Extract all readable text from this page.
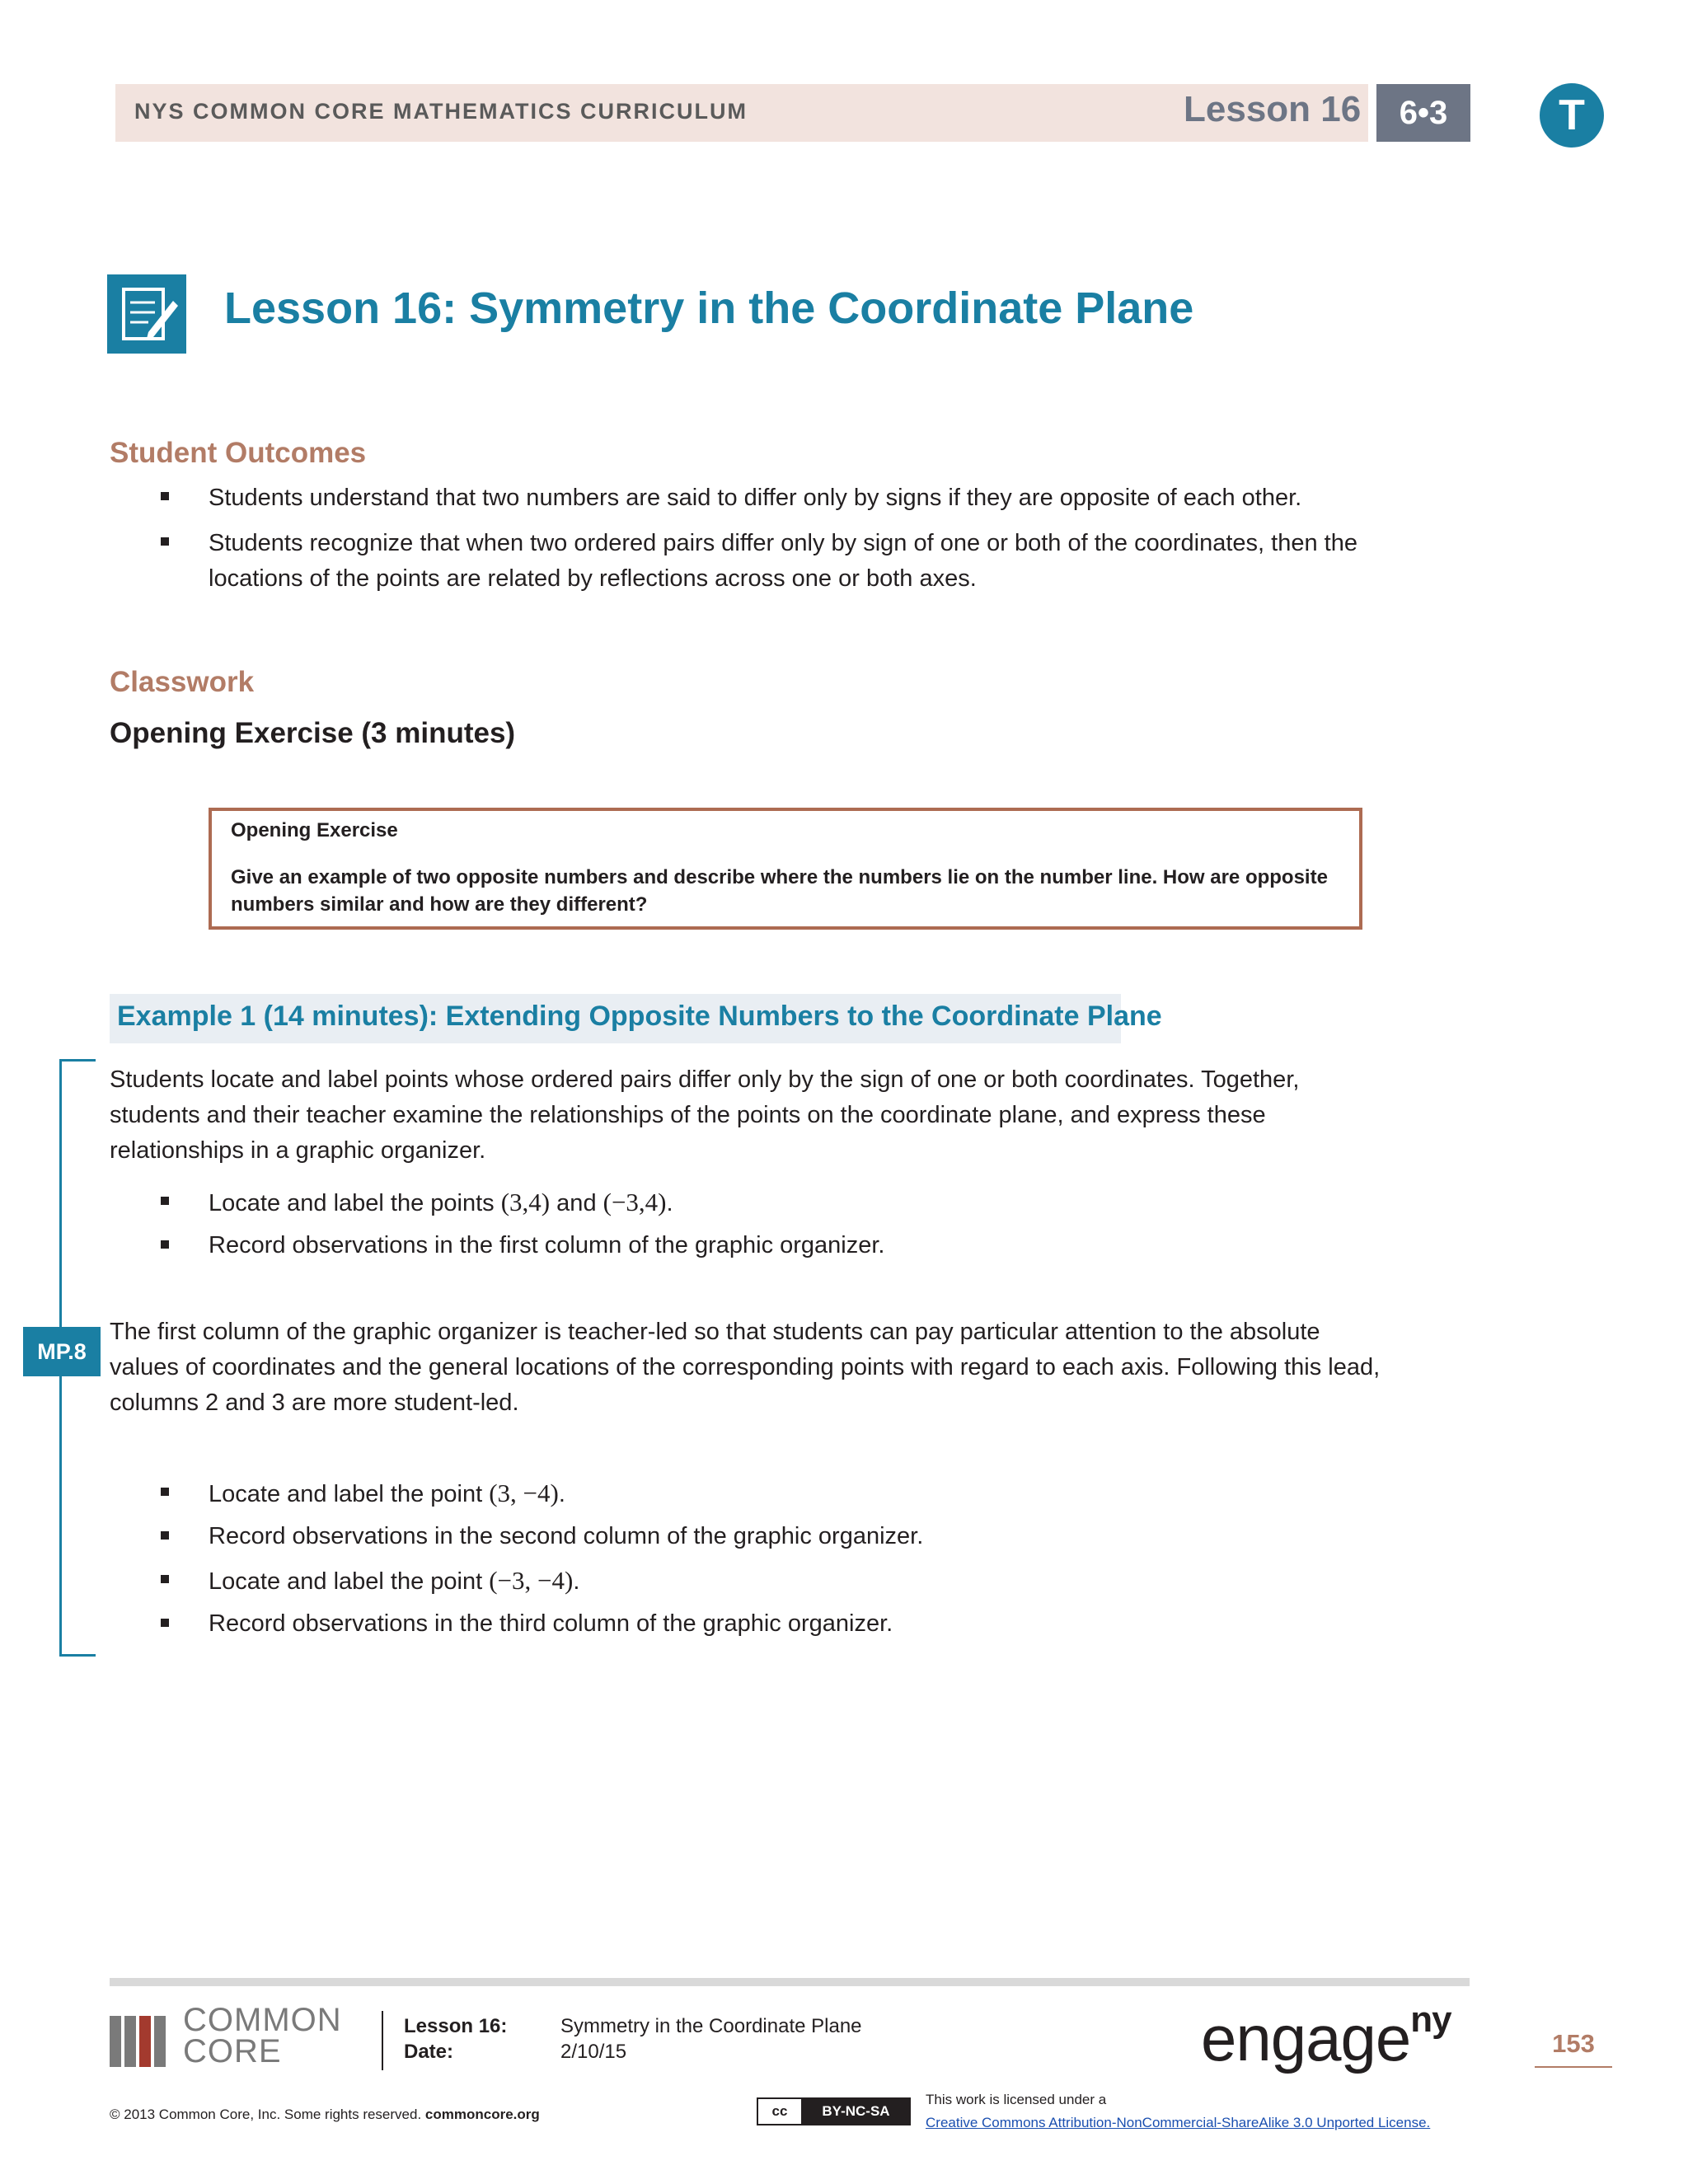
NYS COMMON CORE MATHEMATICS CURRICULUM	Lesson 16	6•3	T
Lesson 16: Symmetry in the Coordinate Plane
Student Outcomes
Students understand that two numbers are said to differ only by signs if they are opposite of each other.
Students recognize that when two ordered pairs differ only by sign of one or both of the coordinates, then the
locations of the points are related by reflections across one or both axes.
Classwork
Opening Exercise (3 minutes)
Opening Exercise
Give an example of two opposite numbers and describe where the numbers lie on the number line. How are opposite
numbers similar and how are they different?
Example 1 (14 minutes): Extending Opposite Numbers to the Coordinate Plane
MP.8
Students locate and label points whose ordered pairs differ only by the sign of one or both coordinates. Together,
students and their teacher examine the relationships of the points on the coordinate plane, and express these
relationships in a graphic organizer.
Locate and label the points (3,4) and (−3,4).
Record observations in the first column of the graphic organizer.
The first column of the graphic organizer is teacher-led so that students can pay particular attention to the absolute
values of coordinates and the general locations of the corresponding points with regard to each axis. Following this lead,
columns 2 and 3 are more student-led.
Locate and label the point (3, −4).
Record observations in the second column of the graphic organizer.
Locate and label the point (−3, −4).
Record observations in the third column of the graphic organizer.
COMMON
CORE
Lesson 16:	Symmetry in the Coordinate Plane
Date:	2/10/15	engage$^{ny}$
153
© 2013 Common Core, Inc. Some rights reserved. commoncore.org	cc	BY-NC-SA
This work is licensed under a
Creative Commons Attribution-NonCommercial-ShareAlike 3.0 Unported License.
